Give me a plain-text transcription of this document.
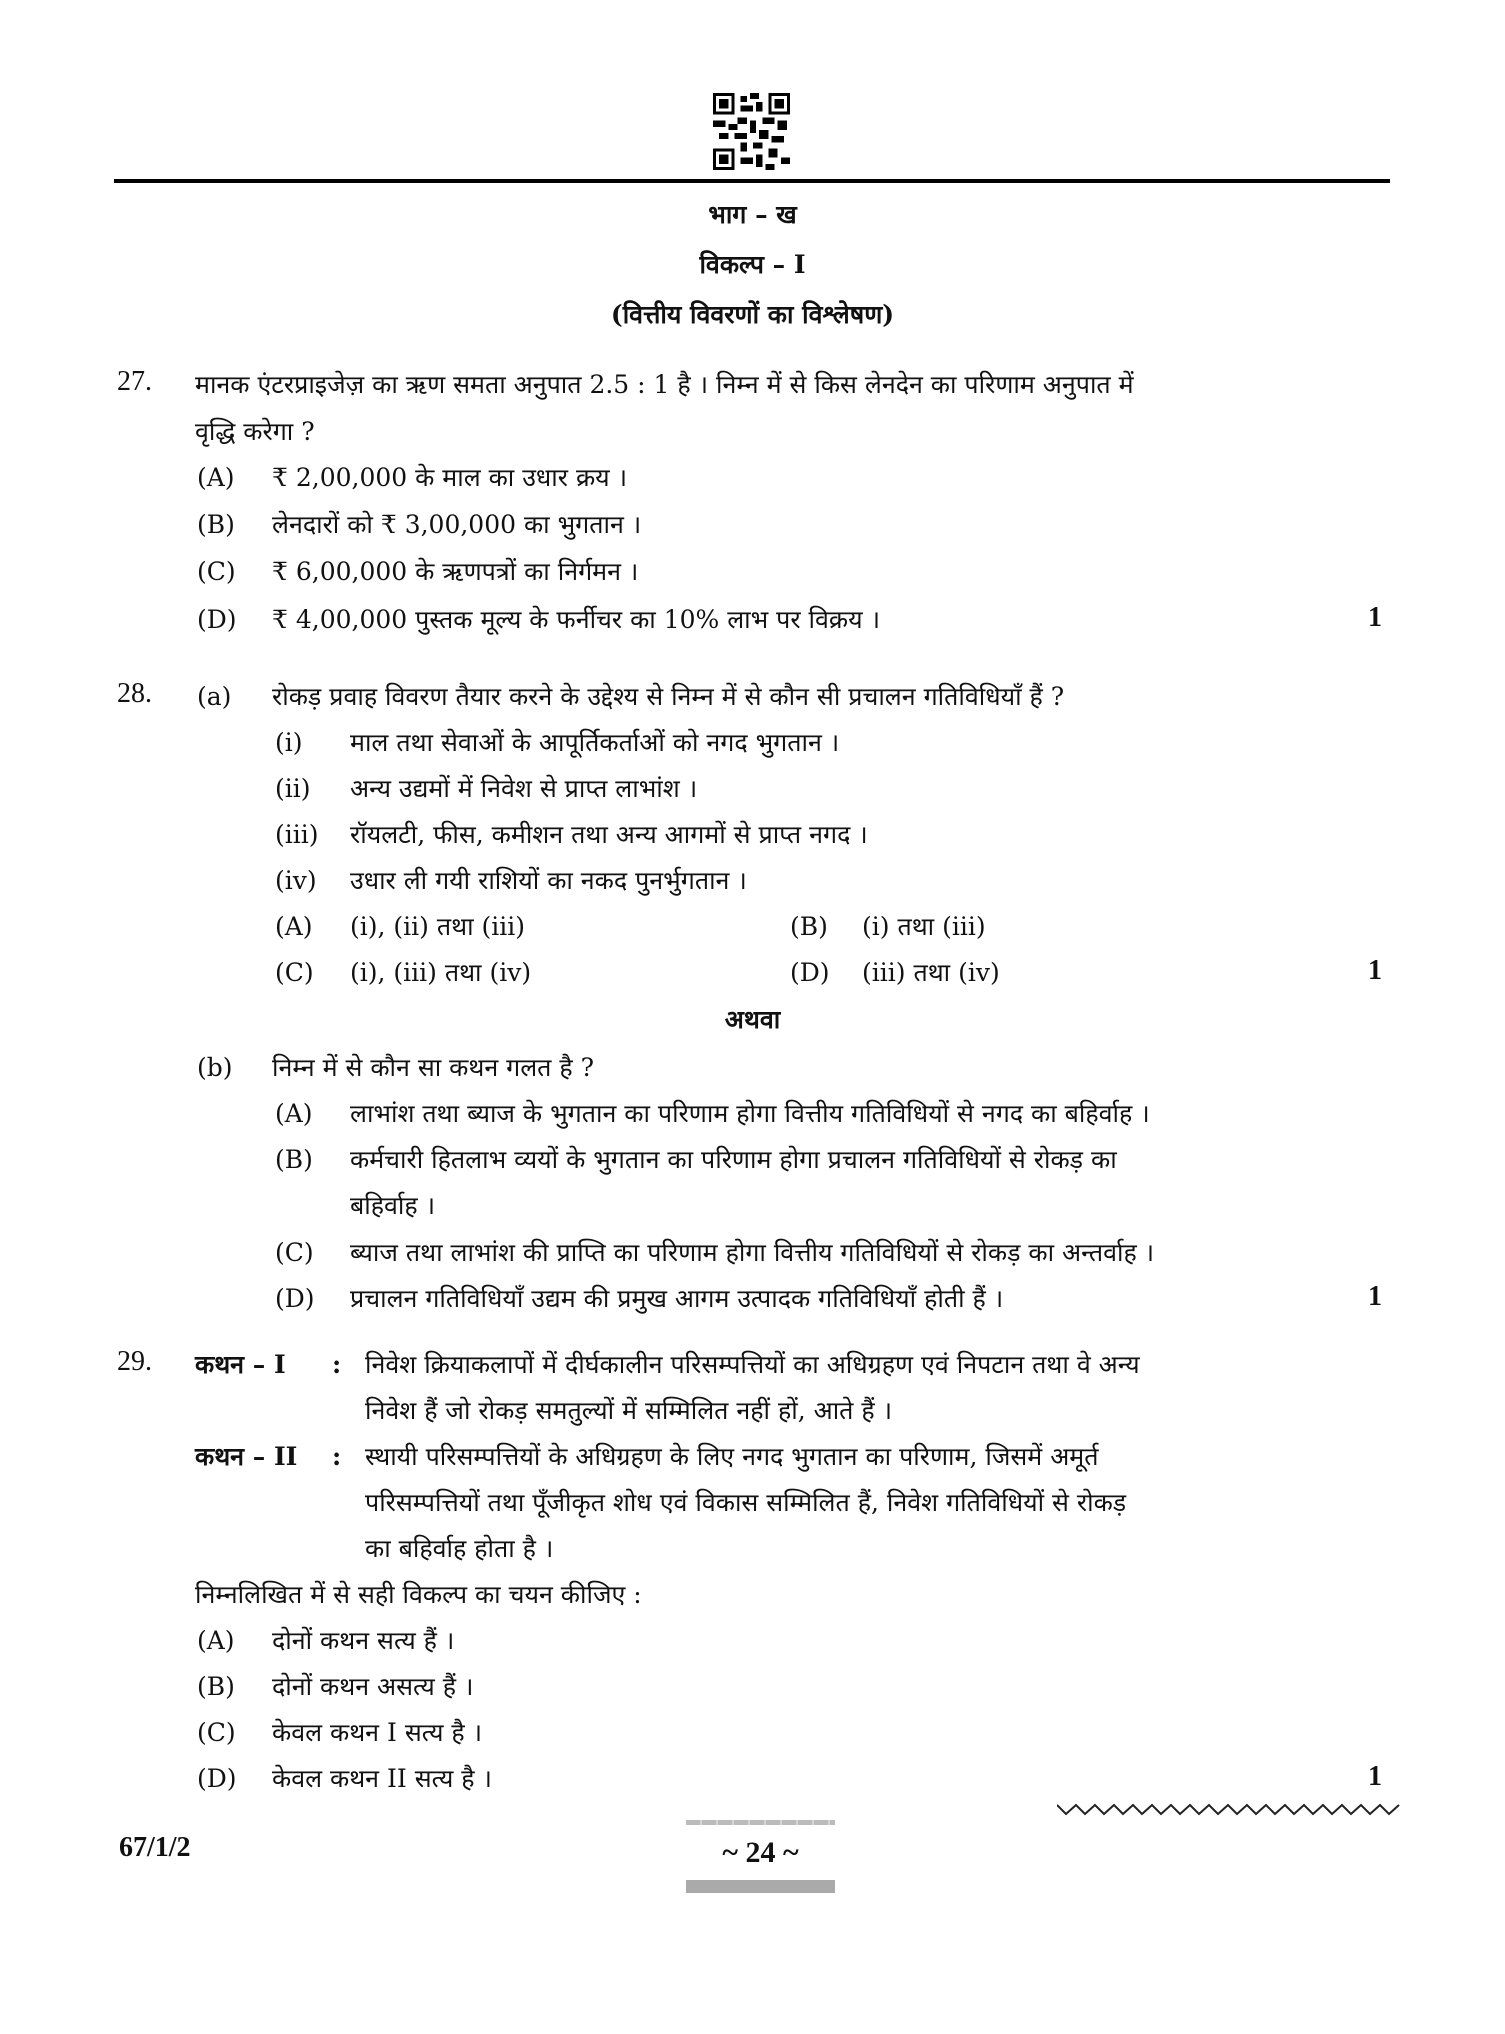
भाग – ख
विकल्प – I
(वित्तीय विवरणों का विश्लेषण)
27. मानक एंटरप्राइजेज़ का ऋण समता अनुपात 2.5 : 1 है । निम्न में से किस लेनदेन का परिणाम अनुपात में
वृद्धि करेगा ?
(A) ₹ 2,00,000 के माल का उधार क्रय ।
(B) लेनदारों को ₹ 3,00,000 का भुगतान ।
(C) ₹ 6,00,000 के ऋणपत्रों का निर्गमन ।
(D) ₹ 4,00,000 पुस्तक मूल्य के फर्नीचर का 10% लाभ पर विक्रय ।	1
28. (a) रोकड़ प्रवाह विवरण तैयार करने के उद्देश्य से निम्न में से कौन सी प्रचालन गतिविधियाँ हैं ?
(i) माल तथा सेवाओं के आपूर्तिकर्ताओं को नगद भुगतान ।
(ii) अन्य उद्यमों में निवेश से प्राप्त लाभांश ।
(iii) रॉयलटी, फीस, कमीशन तथा अन्य आगमों से प्राप्त नगद ।
(iv) उधार ली गयी राशियों का नकद पुनर्भुगतान ।
(A) (i), (ii) तथा (iii)	(B) (i) तथा (iii)
(C) (i), (iii) तथा (iv)	(D) (iii) तथा (iv)	1
अथवा
(b) निम्न में से कौन सा कथन गलत है ?
(A) लाभांश तथा ब्याज के भुगतान का परिणाम होगा वित्तीय गतिविधियों से नगद का बहिर्वाह ।
(B) कर्मचारी हितलाभ व्ययों के भुगतान का परिणाम होगा प्रचालन गतिविधियों से रोकड़ का
बहिर्वाह ।
(C) ब्याज तथा लाभांश की प्राप्ति का परिणाम होगा वित्तीय गतिविधियों से रोकड़ का अन्तर्वाह ।
(D) प्रचालन गतिविधियाँ उद्यम की प्रमुख आगम उत्पादक गतिविधियाँ होती हैं ।	1
29. कथन – I : निवेश क्रियाकलापों में दीर्घकालीन परिसम्पत्तियों का अधिग्रहण एवं निपटान तथा वे अन्य
निवेश हैं जो रोकड़ समतुल्यों में सम्मिलित नहीं हों, आते हैं ।
कथन – II : स्थायी परिसम्पत्तियों के अधिग्रहण के लिए नगद भुगतान का परिणाम, जिसमें अमूर्त
परिसम्पत्तियों तथा पूँजीकृत शोध एवं विकास सम्मिलित हैं, निवेश गतिविधियों से रोकड़
का बहिर्वाह होता है ।
निम्नलिखित में से सही विकल्प का चयन कीजिए :
(A) दोनों कथन सत्य हैं ।
(B) दोनों कथन असत्य हैं ।
(C) केवल कथन I सत्य है ।
(D) केवल कथन II सत्य है ।	1
67/1/2	~ 24 ~
